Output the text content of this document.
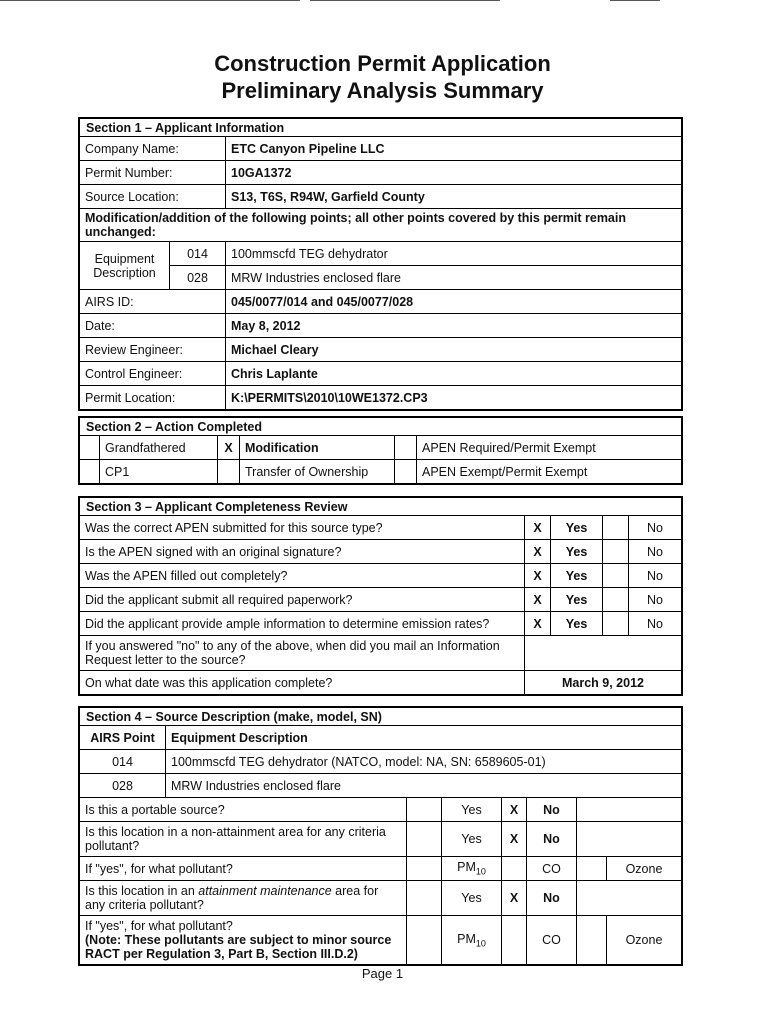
Construction Permit Application
Preliminary Analysis Summary
Section 1 – Applicant Information		
Company Name:		ETC Canyon Pipeline LLC
Permit Number:		10GA1372
Source Location:		S13, T6S, R94W, Garfield County
Modification/addition of the following points; all other points covered by this permit remain unchanged:		
Equipment Description	014	100mmscfd TEG dehydrator
	028	MRW Industries enclosed flare
AIRS ID:		045/0077/014 and 045/0077/028
Date:		May 8, 2012
Review Engineer:		Michael Cleary
Control Engineer:		Chris Laplante
Permit Location:		K:\PERMITS\2010\10WE1372.CP3
Section 2 – Action Completed					
	Grandfathered	X	Modification		APEN Required/Permit Exempt
	CP1		Transfer of Ownership		APEN Exempt/Permit Exempt
Section 3 – Applicant Completeness Review				
Was the correct APEN submitted for this source type?	X	Yes		No
Is the APEN signed with an original signature?	X	Yes		No
Was the APEN filled out completely?	X	Yes		No
Did the applicant submit all required paperwork?	X	Yes		No
Did the applicant provide ample information to determine emission rates?	X	Yes		No
If you answered "no" to any of the above, when did you mail an Information Request letter to the source?				
On what date was this application complete?	March 9, 2012			
Section 4 – Source Description (make, model, SN)							
AIRS Point	Equipment Description						
014	100mmscfd TEG dehydrator (NATCO, model: NA, SN: 6589605-01)						
028	MRW Industries enclosed flare						
Is this a portable source?			Yes	X	No		
Is this location in a non-attainment area for any criteria pollutant?			Yes	X	No		
If "yes", for what pollutant?			$PM_{10}$		CO		Ozone
Is this location in an attainment maintenance area for any criteria pollutant?			Yes	X	No		
If "yes", for what pollutant?
(Note: These pollutants are subject to minor source RACT per Regulation 3, Part B, Section III.D.2)			$PM_{10}$		CO		Ozone
Page 1
